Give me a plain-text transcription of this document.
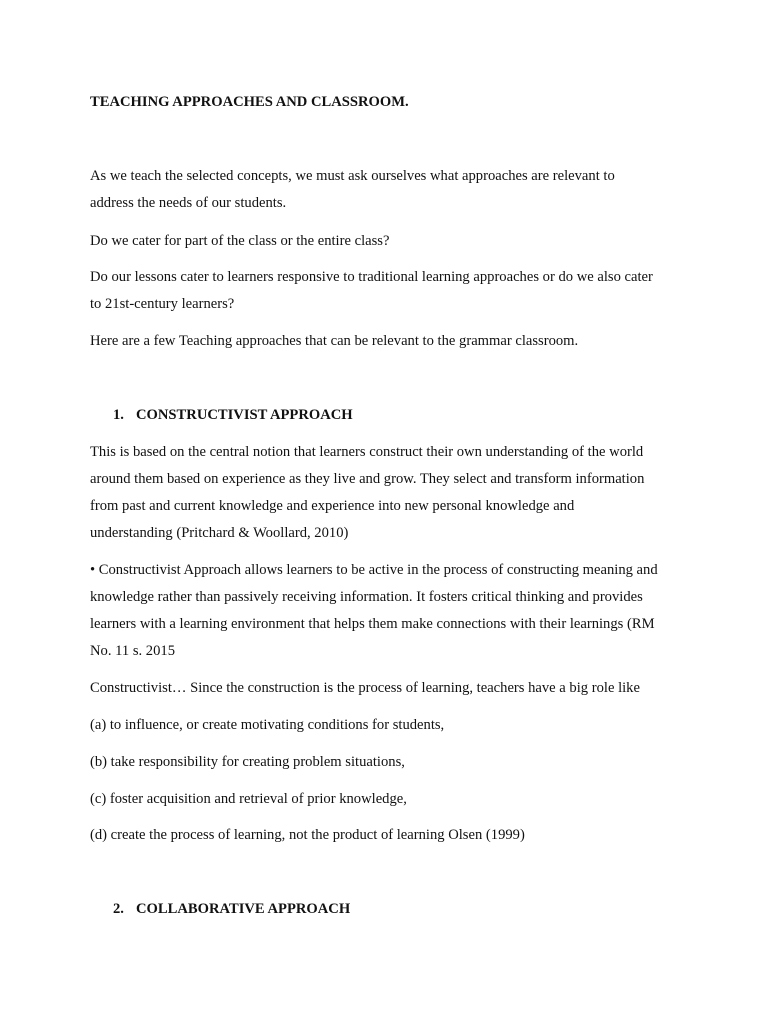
TEACHING APPROACHES AND CLASSROOM.
As we teach the selected concepts, we must ask ourselves what approaches are relevant to
address the needs of our students.
Do we cater for part of the class or the entire class?
Do our lessons cater to learners responsive to traditional learning approaches or do we also cater
to 21st-century learners?
Here are a few Teaching approaches that can be relevant to the grammar classroom.
1. CONSTRUCTIVIST APPROACH
This is based on the central notion that learners construct their own understanding of the world
around them based on experience as they live and grow. They select and transform information
from past and current knowledge and experience into new personal knowledge and
understanding (Pritchard & Woollard, 2010)
• Constructivist Approach allows learners to be active in the process of constructing meaning and
knowledge rather than passively receiving information. It fosters critical thinking and provides
learners with a learning environment that helps them make connections with their learnings (RM
No. 11 s. 2015
Constructivist… Since the construction is the process of learning, teachers have a big role like
(a) to influence, or create motivating conditions for students,
(b) take responsibility for creating problem situations,
(c) foster acquisition and retrieval of prior knowledge,
(d) create the process of learning, not the product of learning Olsen (1999)
2. COLLABORATIVE APPROACH
